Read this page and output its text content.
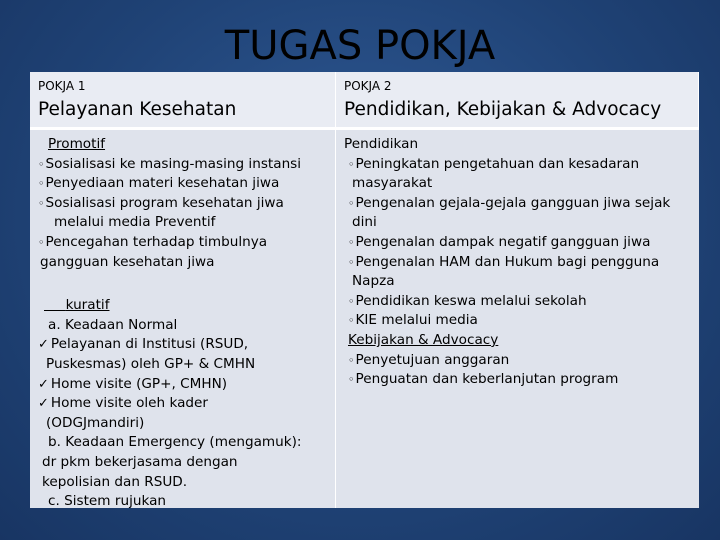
TUGAS POKJA
POKJA 1
Pelayanan Kesehatan
POKJA 2
Pendidikan, Kebijakan & Advocacy
Promotif
◦Sosialisasi ke masing-masing instansi
◦Penyediaan materi kesehatan jiwa
◦Sosialisasi program kesehatan jiwa
melalui media Preventif
◦Pencegahan terhadap timbulnya
gangguan kesehatan jiwa
kuratif
a. Keadaan Normal
✓ Pelayanan di Institusi (RSUD,
Puskesmas) oleh GP+ & CMHN
✓ Home visite (GP+, CMHN)
✓ Home visite oleh kader
(ODGJmandiri)
b. Keadaan Emergency (mengamuk):
dr pkm bekerjasama dengan
kepolisian dan RSUD.
c. Sistem rujukan
Pendidikan
◦Peningkatan pengetahuan dan kesadaran
masyarakat
◦Pengenalan gejala-gejala gangguan jiwa sejak
dini
◦Pengenalan dampak negatif gangguan jiwa
◦Pengenalan HAM dan Hukum bagi pengguna
Napza
◦Pendidikan keswa melalui sekolah
◦KIE melalui media
Kebijakan & Advocacy
◦Penyetujuan anggaran
◦Penguatan dan keberlanjutan program
